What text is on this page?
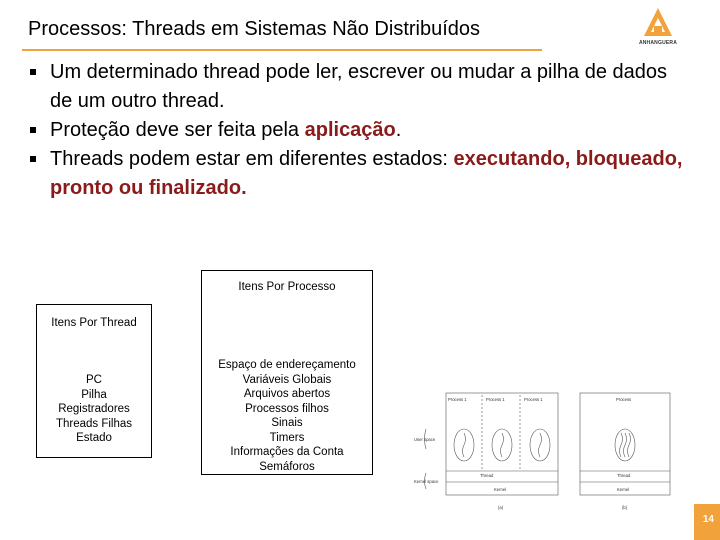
Processos: Threads em Sistemas Não Distribuídos
ANHANGUERA
Um determinado thread pode ler, escrever ou mudar a pilha de dados de um outro thread.
Proteção deve ser feita pela aplicação.
Threads podem estar em diferentes estados: executando, bloqueado, pronto ou finalizado.
Itens Por Processo
Espaço de endereçamento
Variáveis Globais
Arquivos abertos
Processos filhos
Sinais
Timers
Informações da Conta
Semáforos
Itens Por Thread
PC
Pilha
Registradores
Threads Filhas
Estado
Process 1	Process 1	Process 1	Process
User space
Kernel space
Thread	Thread
Kernel	Kernel
(a)	(b)
14
